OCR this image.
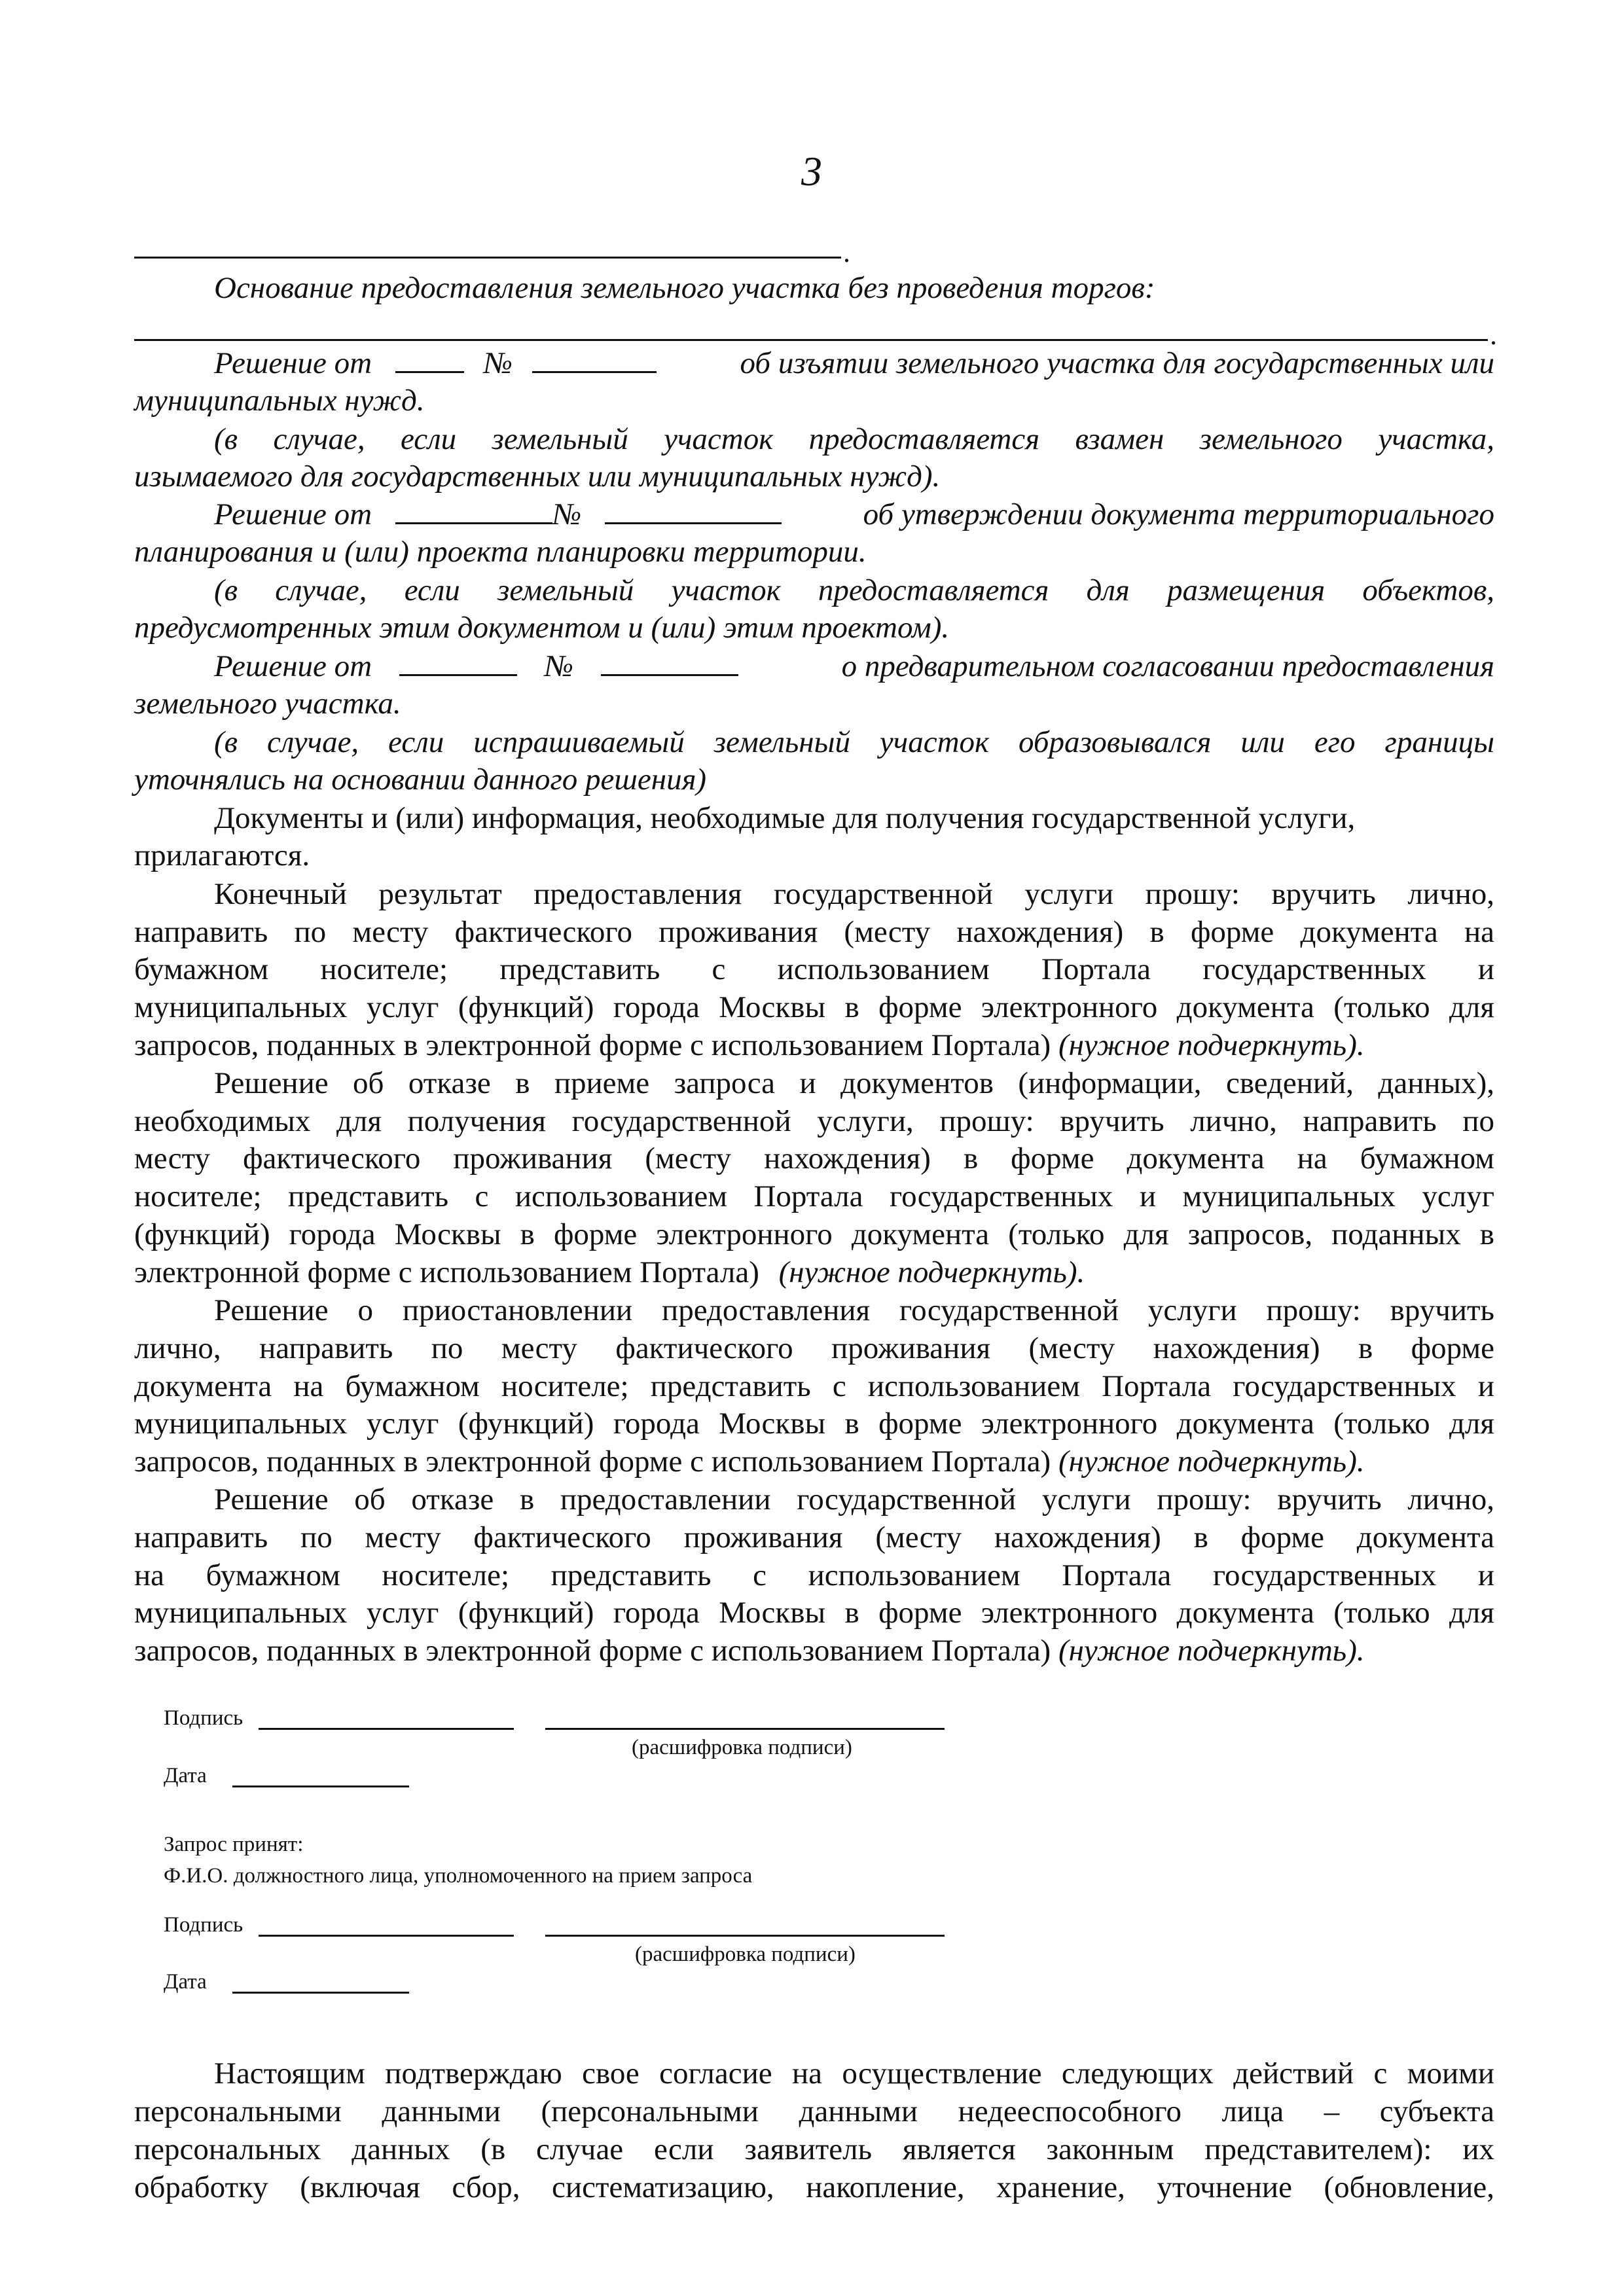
3
.
Основание предоставления земельного участка без проведения торгов:
.
Решение от	№	об изъятии земельного участка для государственных или
муниципальных нужд.
(в случае, если земельный участок предоставляется взамен земельного участка,
изымаемого для государственных или муниципальных нужд).
Решение от	№	об утверждении документа территориального
планирования и (или) проекта планировки территории.
(в случае, если земельный участок предоставляется для размещения объектов,
предусмотренных этим документом и (или) этим проектом).
Решение от	№	о предварительном согласовании предоставления
земельного участка.
(в случае, если испрашиваемый земельный участок образовывался или его границы
уточнялись на основании данного решения)
Документы и (или) информация, необходимые для получения государственной услуги,
прилагаются.
Конечный результат предоставления государственной услуги прошу: вручить лично,
направить по месту фактического проживания (месту нахождения) в форме документа на
бумажном носителе; представить с использованием Портала государственных и
муниципальных услуг (функций) города Москвы в форме электронного документа (только для
запросов, поданных в электронной форме с использованием Портала) (нужное подчеркнуть).
Решение об отказе в приеме запроса и документов (информации, сведений, данных),
необходимых для получения государственной услуги, прошу: вручить лично, направить по
месту фактического проживания (месту нахождения) в форме документа на бумажном
носителе; представить с использованием Портала государственных и муниципальных услуг
(функций) города Москвы в форме электронного документа (только для запросов, поданных в
электронной форме с использованием Портала) (нужное подчеркнуть).
Решение о приостановлении предоставления государственной услуги прошу: вручить
лично, направить по месту фактического проживания (месту нахождения) в форме
документа на бумажном носителе; представить с использованием Портала государственных и
муниципальных услуг (функций) города Москвы в форме электронного документа (только для
запросов, поданных в электронной форме с использованием Портала) (нужное подчеркнуть).
Решение об отказе в предоставлении государственной услуги прошу: вручить лично,
направить по месту фактического проживания (месту нахождения) в форме документа
на бумажном носителе; представить с использованием Портала государственных и
муниципальных услуг (функций) города Москвы в форме электронного документа (только для
запросов, поданных в электронной форме с использованием Портала) (нужное подчеркнуть).
Подпись
(расшифровка подписи)
Дата
Запрос принят:
Ф.И.О. должностного лица, уполномоченного на прием запроса
Подпись
(расшифровка подписи)
Дата
Настоящим подтверждаю свое согласие на осуществление следующих действий с моими
персональными данными (персональными данными недееспособного лица – субъекта
персональных данных (в случае если заявитель является законным представителем): их
обработку (включая сбор, систематизацию, накопление, хранение, уточнение (обновление,
